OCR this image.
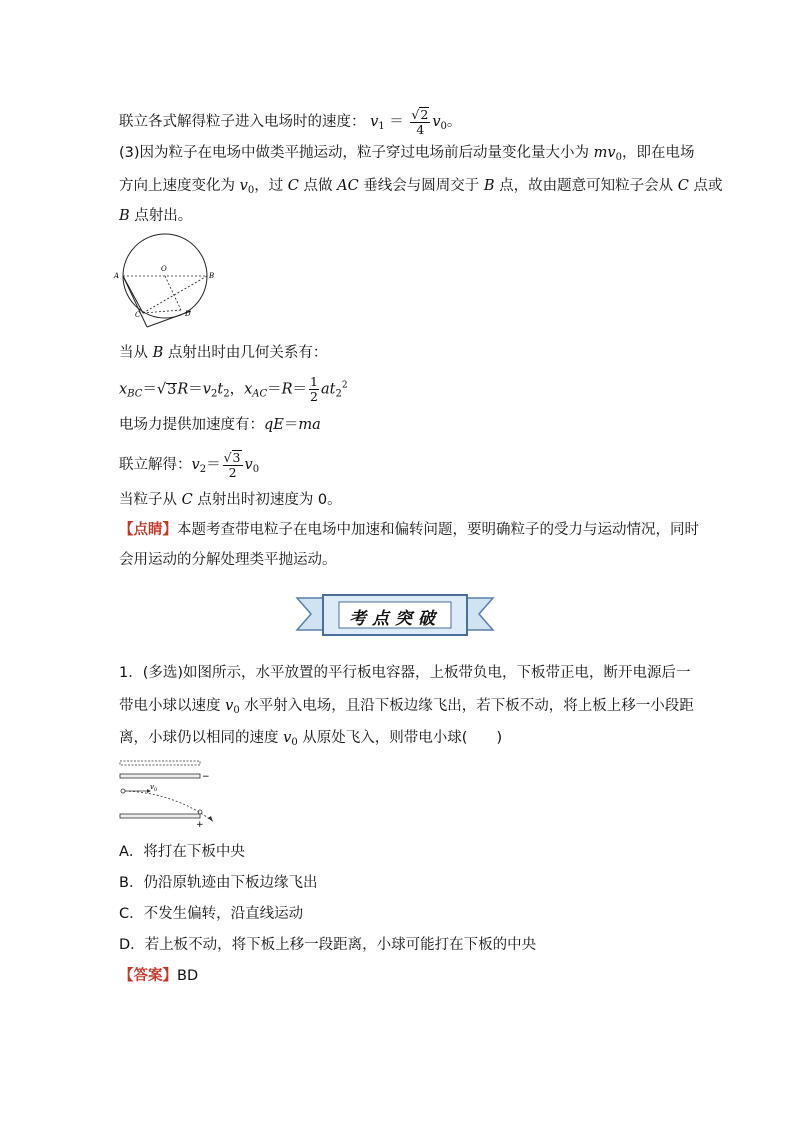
联立各式解得粒子进入电场时的速度： $v_1 = \frac{√2}{4} v_0$。
(3)因为粒子在电场中做类平抛运动，粒子穿过电场前后动量变化量大小为 $mv_0$，即在电场
方向上速度变化为 $v_0$，过 C 点做 AC 垂线会与圆周交于 B 点，故由题意可知粒子会从 C 点或
B 点射出。
A
O
B
C	D
当从 B 点射出时由几何关系有：
$x_{BC}=√3R=v_2t_2$，$x_{AC}=R= \frac{1}{2} at_2^2$
电场力提供加速度有：qE＝ma
联立解得：$v_2= \frac{√3}{2} v_0$
当粒子从 C 点射出时初速度为 0。
【点睛】本题考查带电粒子在电场中加速和偏转问题，要明确粒子的受力与运动情况，同时
会用运动的分解处理类平抛运动。
考点突破
1．(多选)如图所示，水平放置的平行板电容器，上板带负电，下板带正电，断开电源后一
带电小球以速度 $v_0$ 水平射入电场，且沿下板边缘飞出，若下板不动，将上板上移一小段距
离，小球仍以相同的速度 $v_0$ 从原处飞入，则带电小球(　　)
−
v 0
+
A．将打在下板中央
B．仍沿原轨迹由下板边缘飞出
C．不发生偏转，沿直线运动
D．若上板不动，将下板上移一段距离，小球可能打在下板的中央
【答案】BD
